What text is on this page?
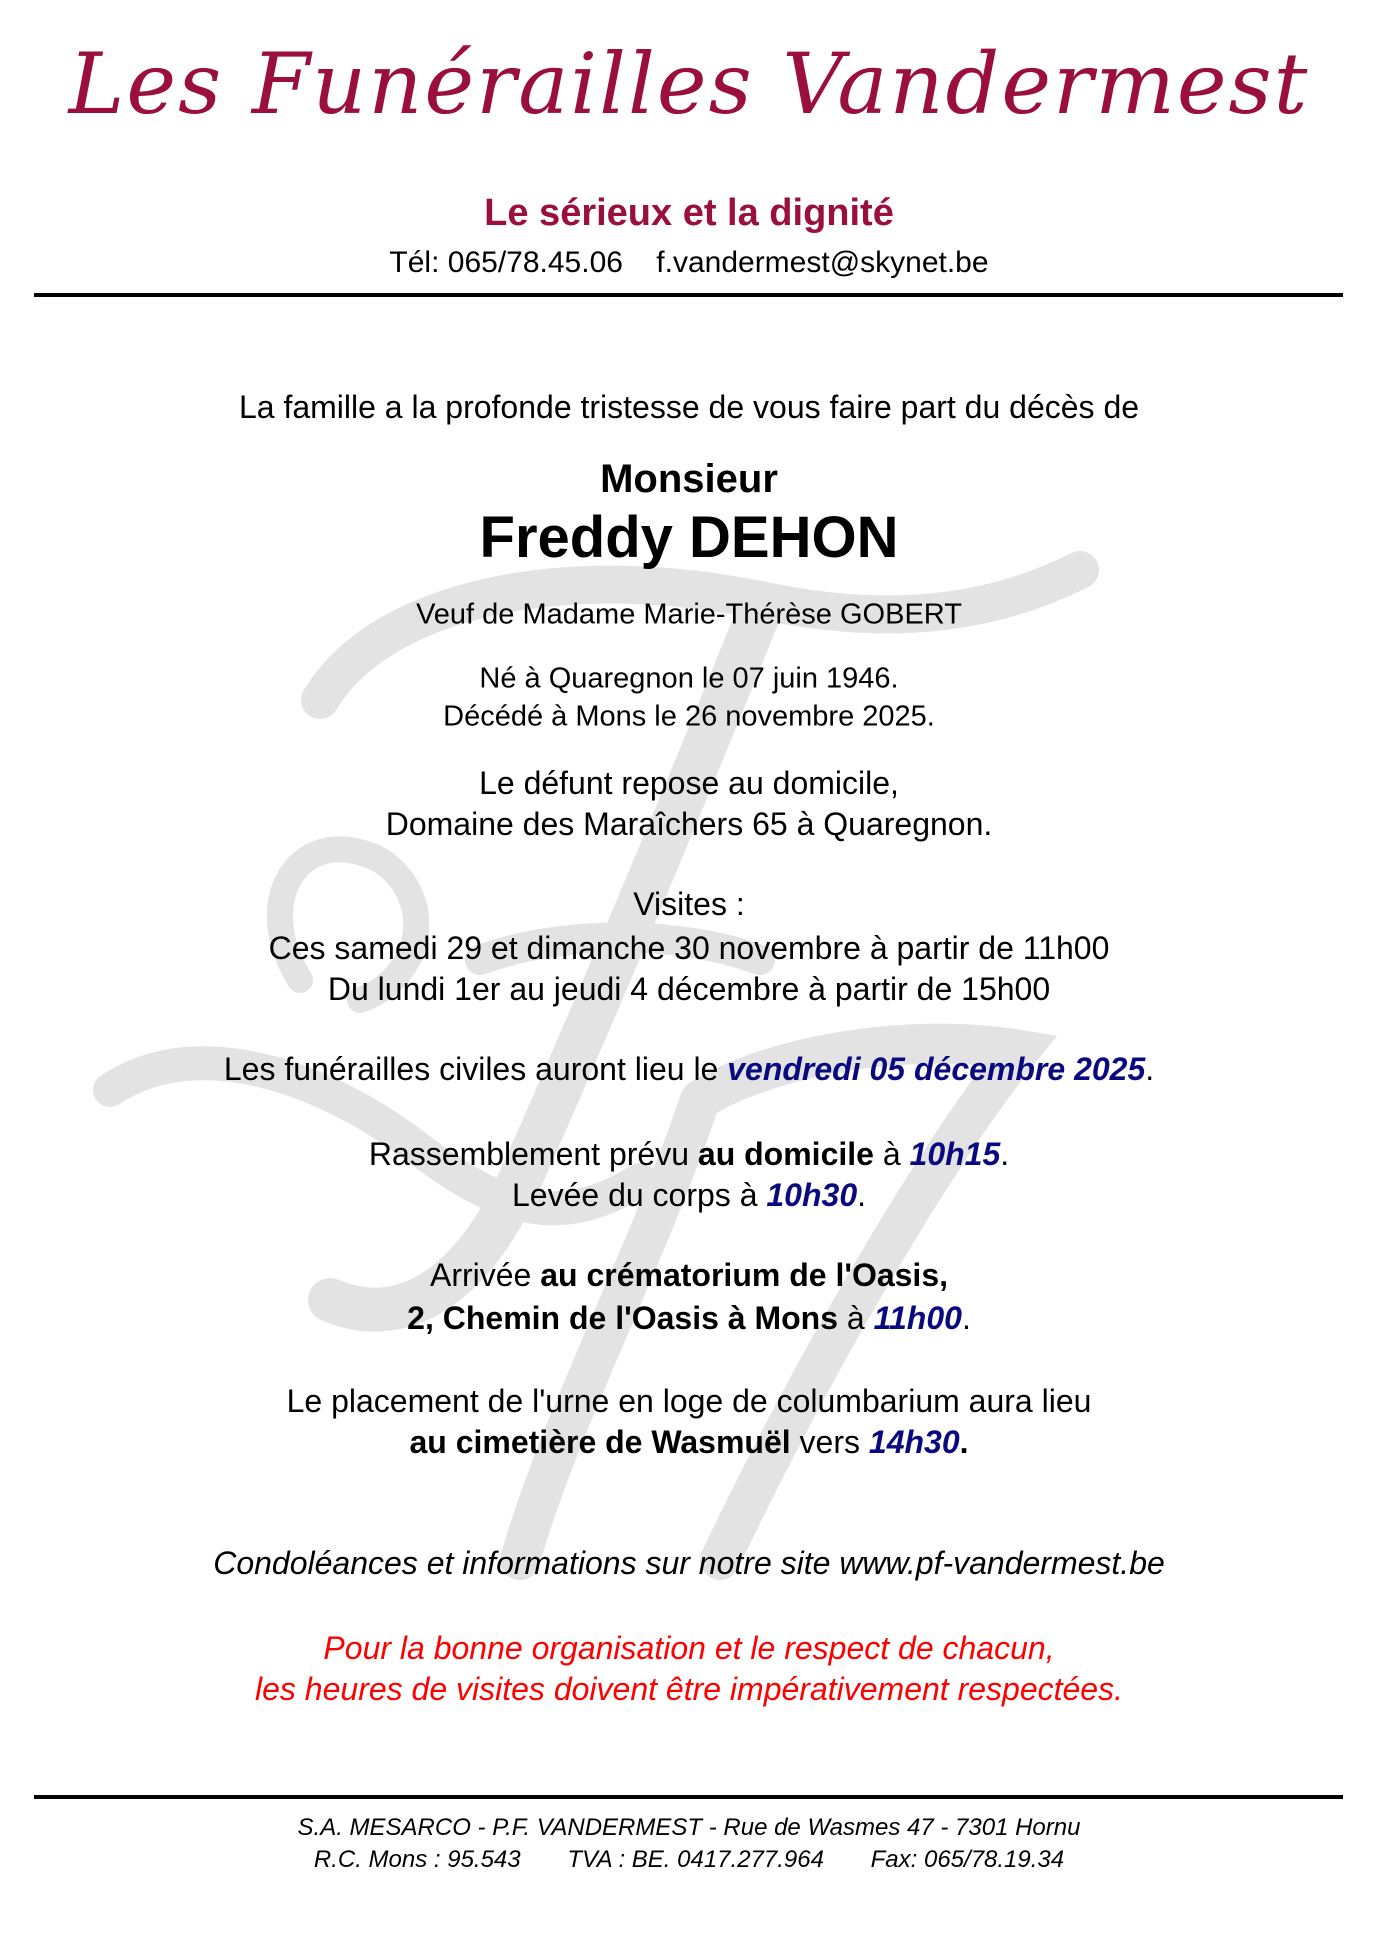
Les Funérailles Vandermest
Le sérieux et la dignité
Tél: 065/78.45.06 f.vandermest@skynet.be
La famille a la profonde tristesse de vous faire part du décès de
Monsieur
Freddy DEHON
Veuf de Madame Marie-Thérèse GOBERT
Né à Quaregnon le 07 juin 1946.
Décédé à Mons le 26 novembre 2025.
Le défunt repose au domicile,
Domaine des Maraîchers 65 à Quaregnon.
Visites :
Ces samedi 29 et dimanche 30 novembre à partir de 11h00
Du lundi 1er au jeudi 4 décembre à partir de 15h00
Les funérailles civiles auront lieu le vendredi 05 décembre 2025.
Rassemblement prévu au domicile à 10h15.
Levée du corps à 10h30.
Arrivée au crématorium de l'Oasis,
2, Chemin de l'Oasis à Mons à 11h00.
Le placement de l'urne en loge de columbarium aura lieu
au cimetière de Wasmuël vers 14h30.
Condoléances et informations sur notre site www.pf-vandermest.be
Pour la bonne organisation et le respect de chacun,
les heures de visites doivent être impérativement respectées.
S.A. MESARCO - P.F. VANDERMEST - Rue de Wasmes 47 - 7301 Hornu
R.C. Mons : 95.543 TVA : BE. 0417.277.964 Fax: 065/78.19.34
